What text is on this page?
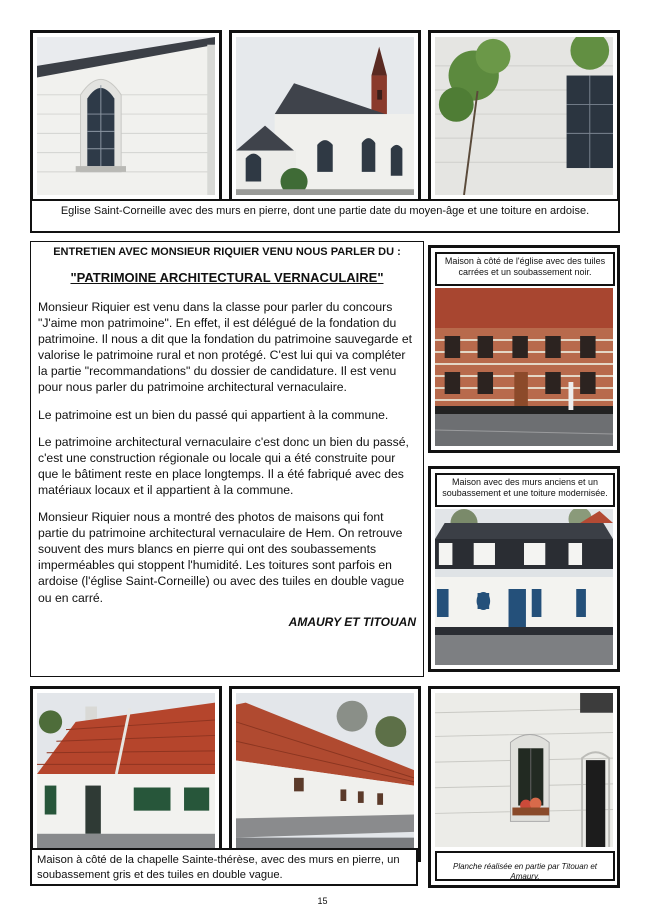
Eglise Saint-Corneille avec des murs en pierre, dont une partie date du moyen-âge et une toiture en ardoise.
ENTRETIEN AVEC MONSIEUR RIQUIER VENU NOUS PARLER DU :
"PATRIMOINE ARCHITECTURAL VERNACULAIRE"

Monsieur Riquier est venu dans la classe pour parler du concours "J'aime mon patrimoine". En effet, il est délégué de la fondation du patrimoine. Il nous a dit que la fondation du patrimoine sauvegarde et valorise le patrimoine rural et non protégé. C'est lui qui va compléter la partie "recommandations" du dossier de candidature. Il est venu pour nous parler du patrimoine architectural vernaculaire.

Le patrimoine est un bien du passé qui appartient à la commune.

Le patrimoine architectural vernaculaire c'est donc un bien du passé, c'est une construction régionale ou locale qui a été construite pour que le bâtiment reste en place longtemps. Il a été fabriqué avec des matériaux locaux et il appartient à la commune.

Monsieur Riquier nous a montré des photos de maisons qui font partie du patrimoine architectural vernaculaire de Hem. On retrouve souvent des murs blancs en pierre qui ont des soubassements imperméables qui stoppent l'humidité. Les toitures sont parfois en ardoise (l'église Saint-Corneille) ou avec des tuiles en double vague ou en carré.

AMAURY ET TITOUAN
Maison à côté de l'église avec des tuiles carrées et un soubassement noir.
Maison avec des murs anciens et un soubassement et une toiture modernisée.
Maison à côté de la chapelle Sainte-thérèse, avec des murs en pierre, un soubassement gris et des tuiles en double vague.
Planche réalisée en partie par Titouan et Amaury.
15
